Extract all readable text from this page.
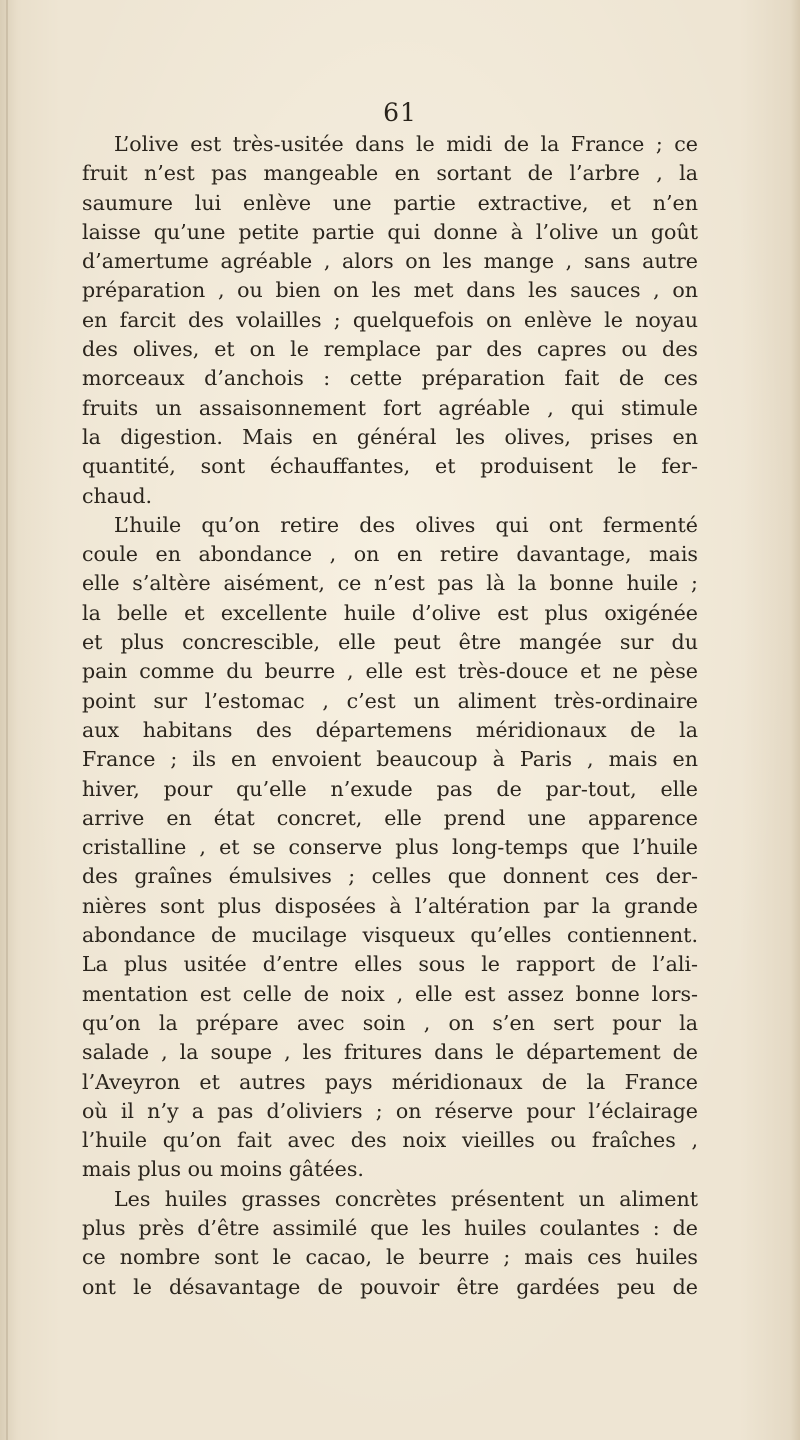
61
L’olive est très-usitée dans le midi de la France ; ce
fruit n’est pas mangeable en sortant de l’arbre , la
saumure lui enlève une partie extractive, et n’en
laisse qu’une petite partie qui donne à l’olive un goût
d’amertume agréable , alors on les mange , sans autre
préparation , ou bien on les met dans les sauces , on
en farcit des volailles ; quelquefois on enlève le noyau
des olives, et on le remplace par des capres ou des
morceaux d’anchois : cette préparation fait de ces
fruits un assaisonnement fort agréable , qui stimule
la digestion. Mais en général les olives, prises en
quantité, sont échauffantes, et produisent le fer-
chaud.
L’huile qu’on retire des olives qui ont fermenté
coule en abondance , on en retire davantage, mais
elle s’altère aisément, ce n’est pas là la bonne huile ;
la belle et excellente huile d’olive est plus oxigénée
et plus concrescible, elle peut être mangée sur du
pain comme du beurre , elle est très-douce et ne pèse
point sur l’estomac , c’est un aliment très-ordinaire
aux habitans des départemens méridionaux de la
France ; ils en envoient beaucoup à Paris , mais en
hiver, pour qu’elle n’exude pas de par-tout, elle
arrive en état concret, elle prend une apparence
cristalline , et se conserve plus long-temps que l’huile
des graînes émulsives ; celles que donnent ces der-
nières sont plus disposées à l’altération par la grande
abondance de mucilage visqueux qu’elles contiennent.
La plus usitée d’entre elles sous le rapport de l’ali-
mentation est celle de noix , elle est assez bonne lors-
qu’on la prépare avec soin , on s’en sert pour la
salade , la soupe , les fritures dans le département de
l’Aveyron et autres pays méridionaux de la France
où il n’y a pas d’oliviers ; on réserve pour l’éclairage
l’huile qu’on fait avec des noix vieilles ou fraîches ,
mais plus ou moins gâtées.
Les huiles grasses concrètes présentent un aliment
plus près d’être assimilé que les huiles coulantes : de
ce nombre sont le cacao, le beurre ; mais ces huiles
ont le désavantage de pouvoir être gardées peu de
